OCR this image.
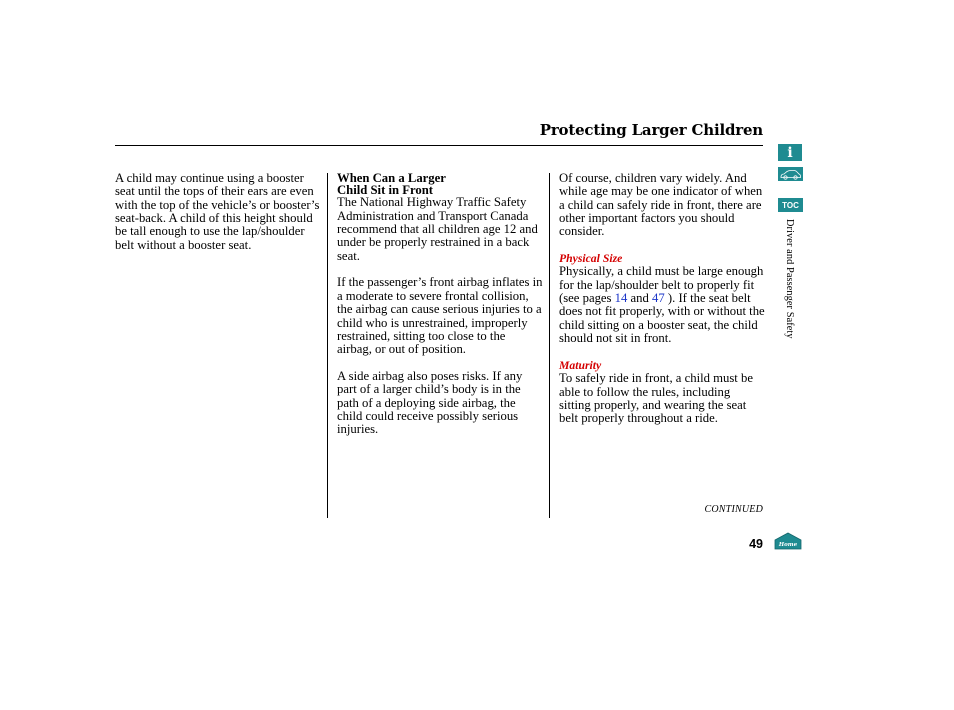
Protecting Larger Children

A child may continue using a booster seat until the tops of their ears are even with the top of the vehicle’s or booster’s seat-back. A child of this height should be tall enough to use the lap/shoulder belt without a booster seat.

When Can a Larger
Child Sit in Front

The National Highway Traffic Safety Administration and Transport Canada recommend that all children age 12 and under be properly restrained in a back seat.

If the passenger’s front airbag inflates in a moderate to severe frontal collision, the airbag can cause serious injuries to a child who is unrestrained, improperly restrained, sitting too close to the airbag, or out of position.

A side airbag also poses risks. If any part of a larger child’s body is in the path of a deploying side airbag, the child could receive possibly serious injuries.

Of course, children vary widely. And while age may be one indicator of when a child can safely ride in front, there are other important factors you should consider.

Physical Size

Physically, a child must be large enough for the lap/shoulder belt to properly fit (see pages 14 and 47 ). If the seat belt does not fit properly, with or without the child sitting on a booster seat, the child should not sit in front.

Maturity

To safely ride in front, a child must be able to follow the rules, including sitting properly, and wearing the seat belt properly throughout a ride.

CONTINUED
49
i
TOC
Driver and Passenger Safety
Home
